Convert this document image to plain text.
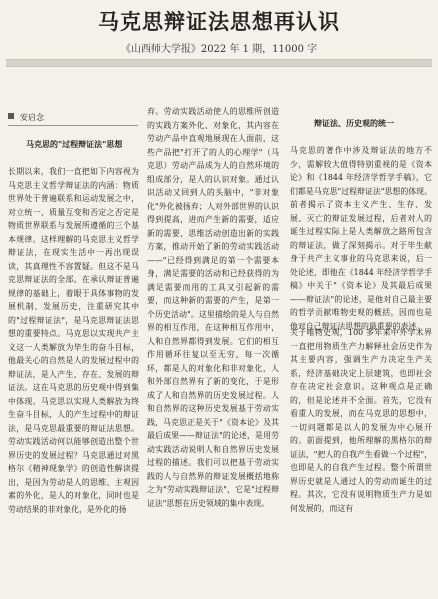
马克思辩证法思想再认识
《山西师大学报》2022 年 1 期，11000 字
安启念
马克思的"过程辩证法"思想
长期以来，我们一直把如下内容视为马克思主义哲学辩证法的内涵：物质世界处于普遍联系和运动发展之中，对立统一、质量互变和否定之否定是物质世界联系与发展所遵循的三个基本规律。这样理解的马克思主义哲学辩证法，在现实生活中一再出现误读，其真理性不容置疑。但这不是马克思辩证法的全部。在承认辩证普遍规律的基础上，着眼于具体事物的发展机制、发展历史，注重研究其中的"过程辩证法"，是马克思辩证法思想的重要特点。马克思以实现共产主义这一人类解放为毕生的奋斗目标，他最关心的自然是人的发展过程中的辩证法，是人产生、存在、发展的辩证法。这在马克思的历史观中得到集中体现。马克思以实现人类解放为终生奋斗目标，人的产生过程中的辩证法，是马克思最重要的辩证法思想。劳动实践活动何以能够创造出整个世界历史的发展过程？马克思通过对黑格尔《精神现象学》的创造性解读提出，是因为劳动是人的思维、主观因素的外化，是人的对象化，同时也是劳动结果的非对象化，是外化的扬
弃。劳动实践活动使人的思维所创造的实践方案外化、对象化，其内容在劳动产品中直观地展现在人面前，这些产品把"打开了的人的心理学"（马克思）劳动产品成为人的自然环境的组成部分，是人的认识对象。通过认识活动又回到人的头脑中，"非对象化"外化被扬弃；人对外部世界的认识得到提高，进而产生新的需要，适应新的需要，思维活动创造出新的实践方案，推动开始了新的劳动实践活动——"已经得到满足的第一个需要本身，满足需要的活动和已经获得的为满足需要而用的工具又引起新的需要，而这种新的需要的产生，是第一个历史活动"。这里描绘的是人与自然界的相互作用，在这种相互作用中，人和自然界都得到发展。它们的相互作用循环往复以至无穷，每一次循环，都是人的对象化和非对象化，人和外部自然界有了新的变化，于是形成了人和自然界的历史发展过程。人和自然界的这种历史发展基于劳动实践，马克思正是关于"《资本论》及其最后成果——辩证法"的论述，是用劳动实践活动说明人和自然界历史发展过程的描述。我们可以把基于劳动实践的人与自然界的辩证发展概括地称之为"劳动实践辩证法"，它是"过程辩证法"思想在历史领域的集中表现。
辩证法、历史观的统一
马克思的著作中涉及辩证法的地方不少，需解较大值得特别重视的是《资本论》和《1844 年经济学哲学手稿》，它们都是马克思"过程辩证法"思想的体现。前者揭示了资本主义产生、生存、发展、灭亡的辩证发展过程，后者对人的诞生过程实际上是人类解放之路所包含的辩证法，做了深刻揭示。对于毕生献身于共产主义事业的马克思来说，后一处论述，即他在《1844 年经济学哲学手稿》中关于"《资本论》及其最后成果——辩证法"的论述，是他对自己最主要的哲学贡献唯物史观的概括，因而也是他对自己辩证法思想的最重要的表述。
关于唯物史观，100 多年来中外学术界一直把用物质生产力解释社会历史作为其主要内容，强调生产力决定生产关系，经济基础决定上层建筑，也即社会存在决定社会意识。这种观点是正确的，但是论述并不全面。首先，它没有看重人的发展，而在马克思的思想中，一切问题都是以人的发展为中心展开的。前面提到，他所理解的黑格尔的辩证法，"把人的自我产生看做一个过程"，也即是人的自我产生过程。整个所谓世界历史就是人通过人的劳动而诞生的过程。其次，它没有说明物质生产力是如何发展的，而这有
